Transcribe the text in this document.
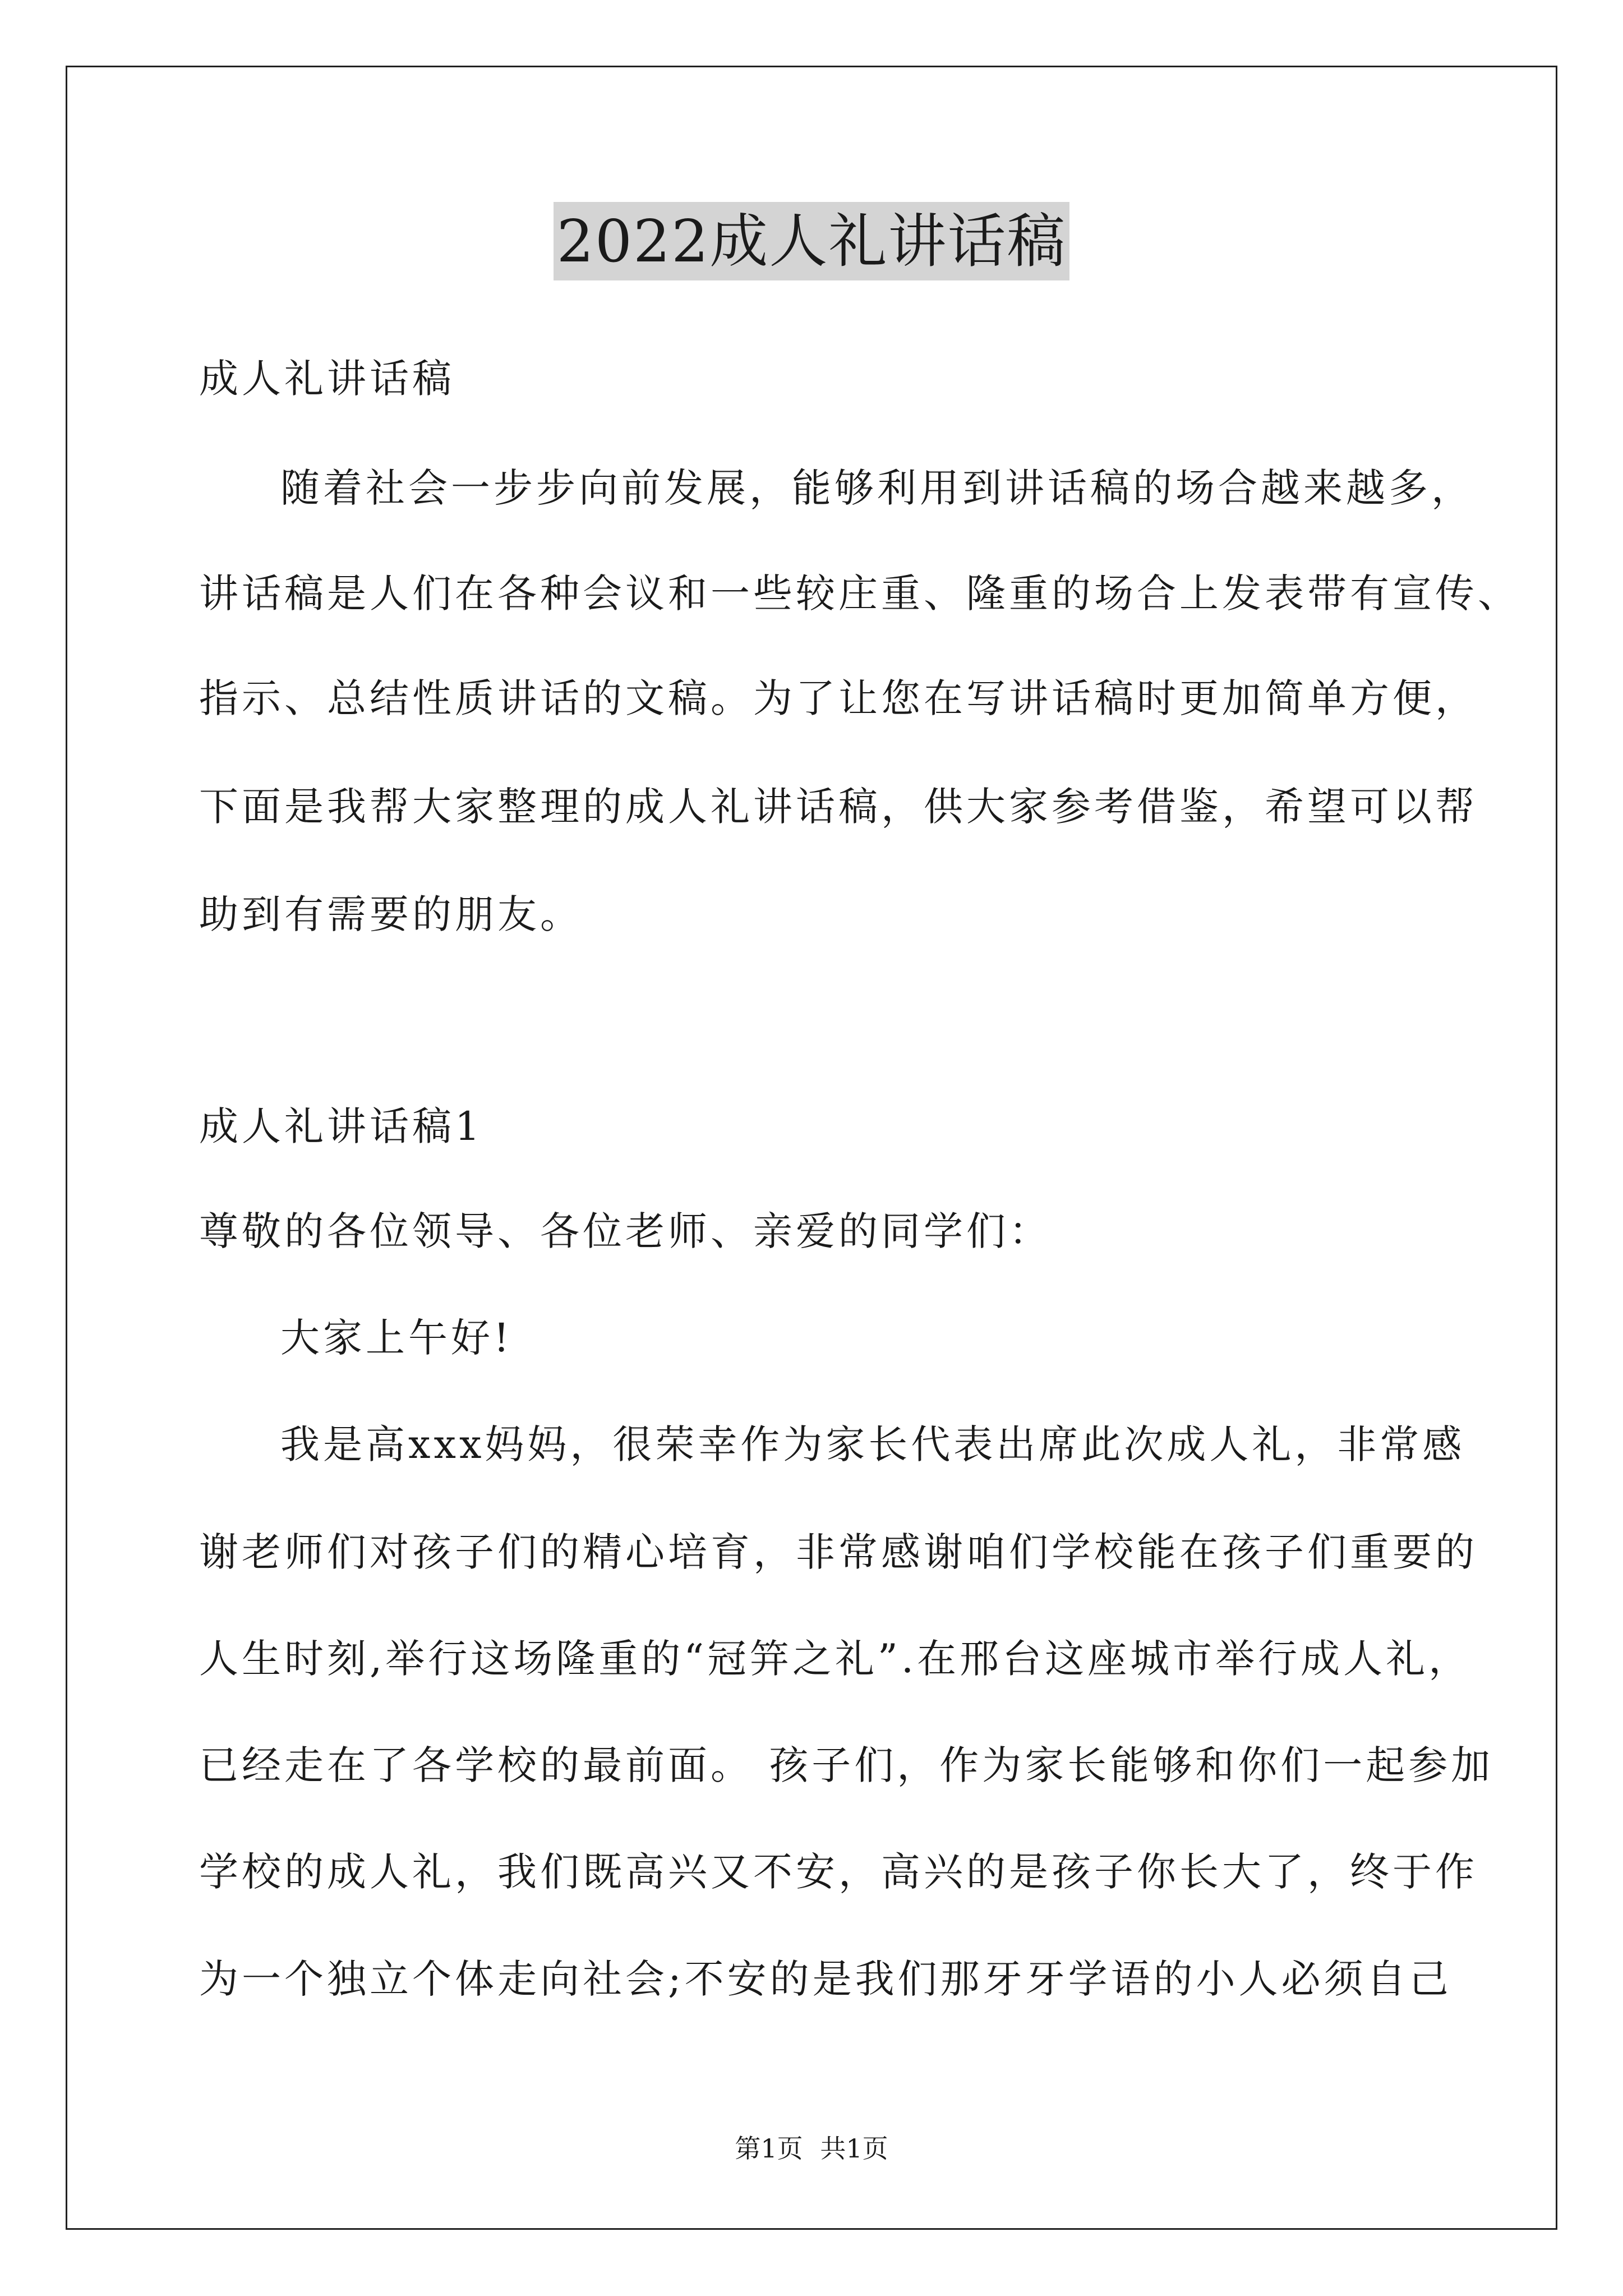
2022成人礼讲话稿
成人礼讲话稿
随着社会一步步向前发展，能够利用到讲话稿的场合越来越多，
讲话稿是人们在各种会议和一些较庄重、隆重的场合上发表带有宣传、
指示、总结性质讲话的文稿。为了让您在写讲话稿时更加简单方便，
下面是我帮大家整理的成人礼讲话稿，供大家参考借鉴，希望可以帮
助到有需要的朋友。
成人礼讲话稿1
尊敬的各位领导、各位老师、亲爱的同学们：
大家上午好!
我是高xxx妈妈，很荣幸作为家长代表出席此次成人礼，非常感
谢老师们对孩子们的精心培育，非常感谢咱们学校能在孩子们重要的
人生时刻,举行这场隆重的“冠笄之礼”.在邢台这座城市举行成人礼，
已经走在了各学校的最前面。 孩子们，作为家长能够和你们一起参加
学校的成人礼，我们既高兴又不安，高兴的是孩子你长大了，终于作
为一个独立个体走向社会;不安的是我们那牙牙学语的小人必须自己
第1页 共1页
